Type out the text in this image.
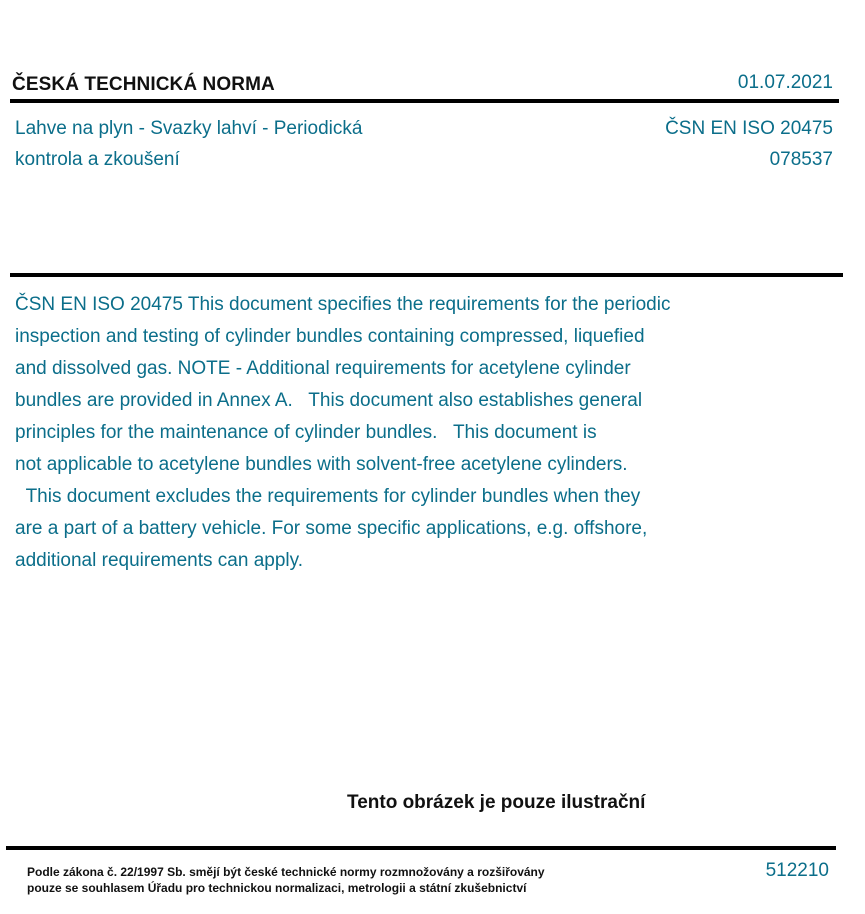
ČESKÁ TECHNICKÁ NORMA	01.07.2021
Lahve na plyn - Svazky lahví - Periodická
kontrola a zkoušení
ČSN EN ISO 20475
078537
ČSN EN ISO 20475 This document specifies the requirements for the periodic
inspection and testing of cylinder bundles containing compressed, liquefied
and dissolved gas. NOTE - Additional requirements for acetylene cylinder
bundles are provided in Annex A.   This document also establishes general
principles for the maintenance of cylinder bundles.   This document is
not applicable to acetylene bundles with solvent-free acetylene cylinders.
This document excludes the requirements for cylinder bundles when they
are a part of a battery vehicle. For some specific applications, e.g. offshore,
additional requirements can apply.
Tento obrázek je pouze ilustrační
Podle zákona č. 22/1997 Sb. smějí být české technické normy rozmnožovány a rozšiřovány
pouze se souhlasem Úřadu pro technickou normalizaci, metrologii a státní zkušebnictví
512210
